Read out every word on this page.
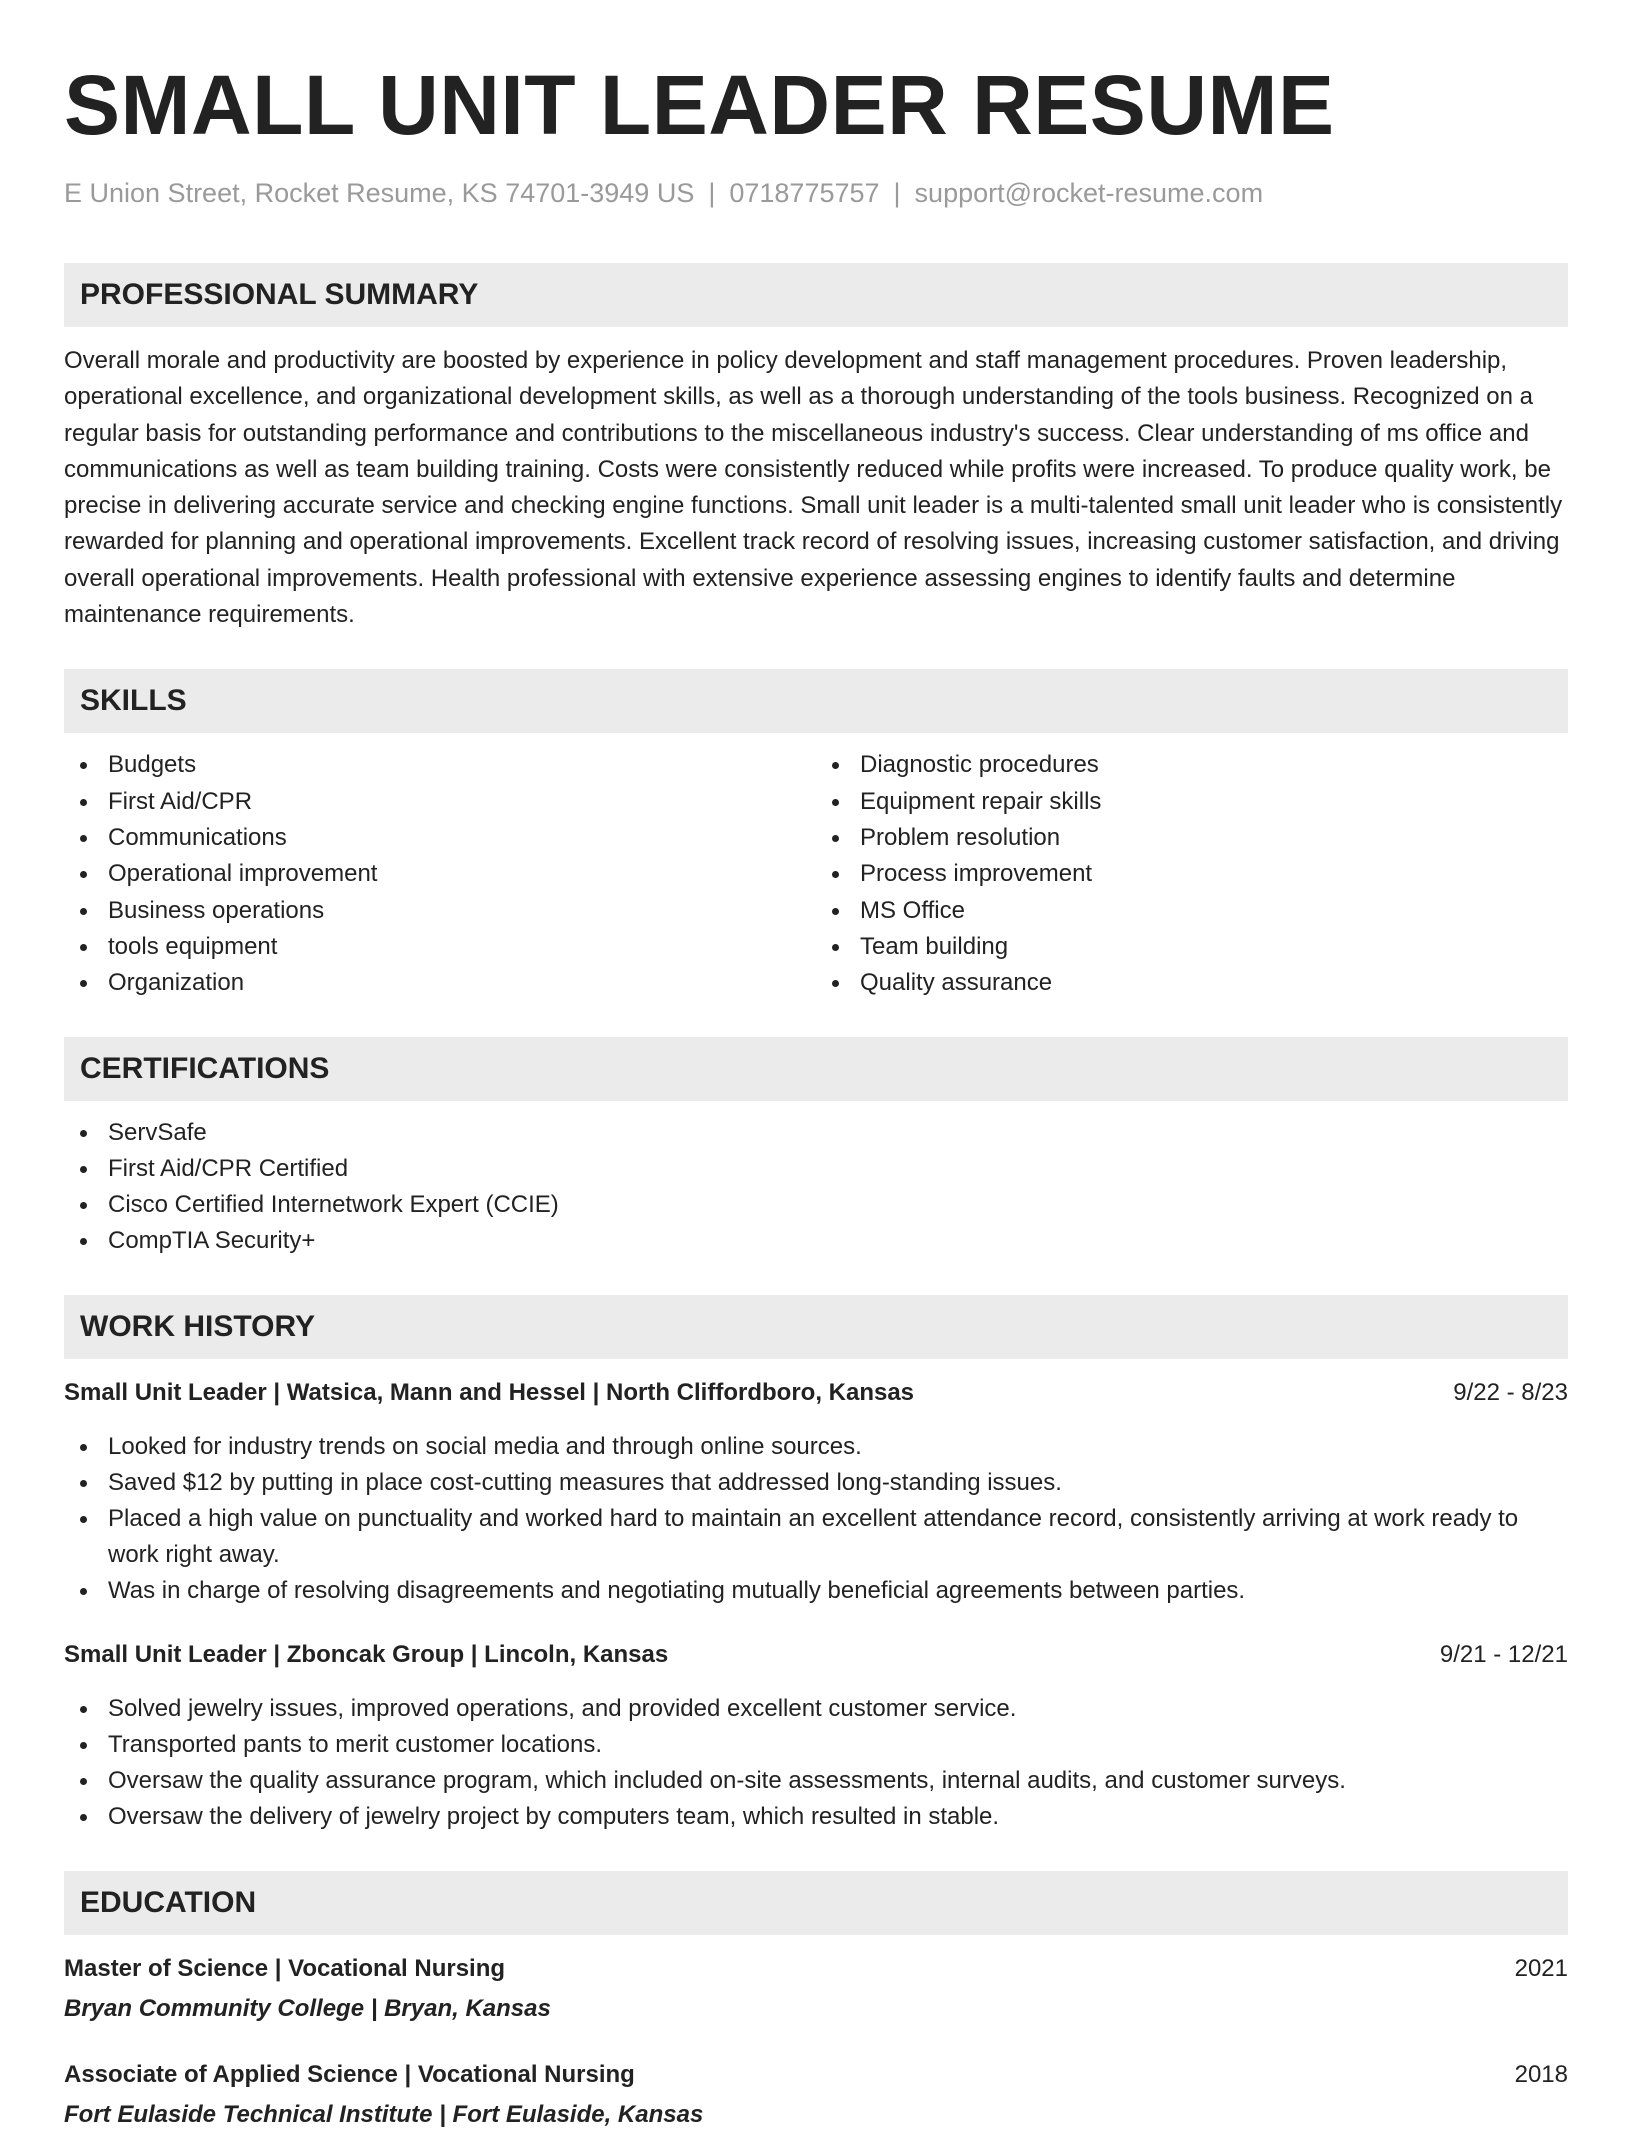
SMALL UNIT LEADER RESUME
E Union Street, Rocket Resume, KS 74701-3949 US | 0718775757 | support@rocket-resume.com
PROFESSIONAL SUMMARY

Overall morale and productivity are boosted by experience in policy development and staff management procedures. Proven leadership, operational excellence, and organizational development skills, as well as a thorough understanding of the tools business. Recognized on a regular basis for outstanding performance and contributions to the miscellaneous industry's success. Clear understanding of ms office and communications as well as team building training. Costs were consistently reduced while profits were increased. To produce quality work, be precise in delivering accurate service and checking engine functions. Small unit leader is a multi-talented small unit leader who is consistently rewarded for planning and operational improvements. Excellent track record of resolving issues, increasing customer satisfaction, and driving overall operational improvements. Health professional with extensive experience assessing engines to identify faults and determine maintenance requirements.

SKILLS
Budgets
First Aid/CPR
Communications
Operational improvement
Business operations
tools equipment
Organization
Diagnostic procedures
Equipment repair skills
Problem resolution
Process improvement
MS Office
Team building
Quality assurance
CERTIFICATIONS
ServSafe
First Aid/CPR Certified
Cisco Certified Internetwork Expert (CCIE)
CompTIA Security+
WORK HISTORY
Small Unit Leader | Watsica, Mann and Hessel | North Cliffordboro, Kansas	9/22 - 8/23
Looked for industry trends on social media and through online sources.
Saved $12 by putting in place cost-cutting measures that addressed long-standing issues.
Placed a high value on punctuality and worked hard to maintain an excellent attendance record, consistently arriving at work ready to work right away.
Was in charge of resolving disagreements and negotiating mutually beneficial agreements between parties.
Small Unit Leader | Zboncak Group | Lincoln, Kansas	9/21 - 12/21
Solved jewelry issues, improved operations, and provided excellent customer service.
Transported pants to merit customer locations.
Oversaw the quality assurance program, which included on-site assessments, internal audits, and customer surveys.
Oversaw the delivery of jewelry project by computers team, which resulted in stable.
EDUCATION
Master of Science | Vocational Nursing	2021
Bryan Community College | Bryan, Kansas
Associate of Applied Science | Vocational Nursing	2018
Fort Eulaside Technical Institute | Fort Eulaside, Kansas
